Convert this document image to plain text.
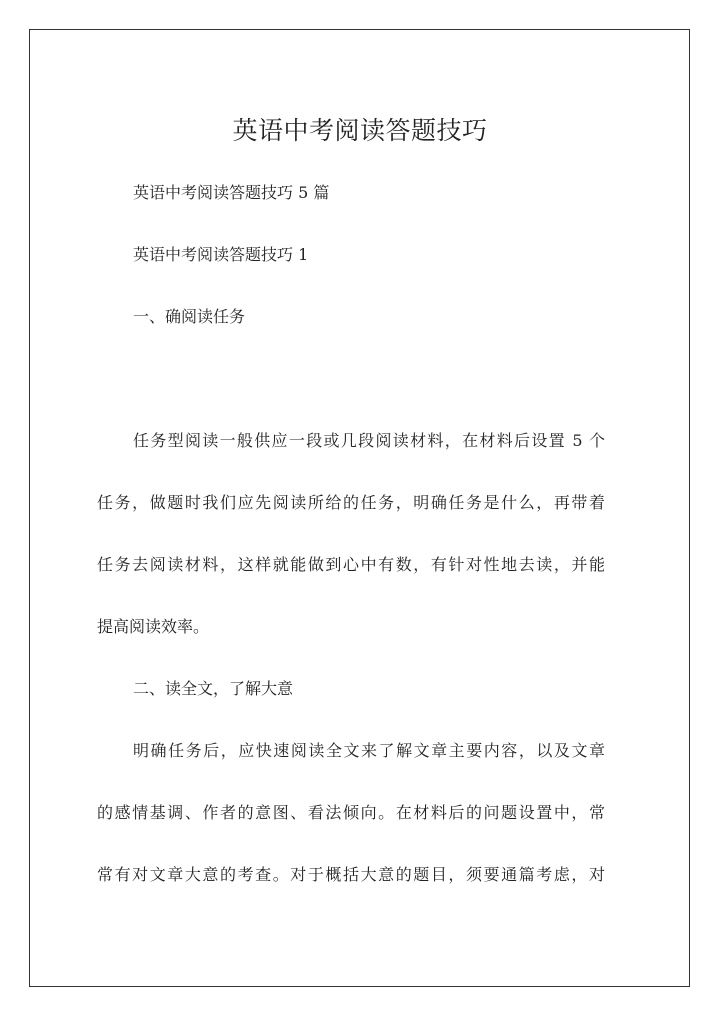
英语中考阅读答题技巧

英语中考阅读答题技巧 5 篇

英语中考阅读答题技巧 1

一、确阅读任务

任务型阅读一般供应一段或几段阅读材料，在材料后设置 5 个

任务，做题时我们应先阅读所给的任务，明确任务是什么，再带着

任务去阅读材料，这样就能做到心中有数，有针对性地去读，并能

提高阅读效率。

二、读全文，了解大意

明确任务后，应快速阅读全文来了解文章主要内容，以及文章

的感情基调、作者的意图、看法倾向。在材料后的问题设置中，常

常有对文章大意的考查。对于概括大意的题目，须要通篇考虑，对
